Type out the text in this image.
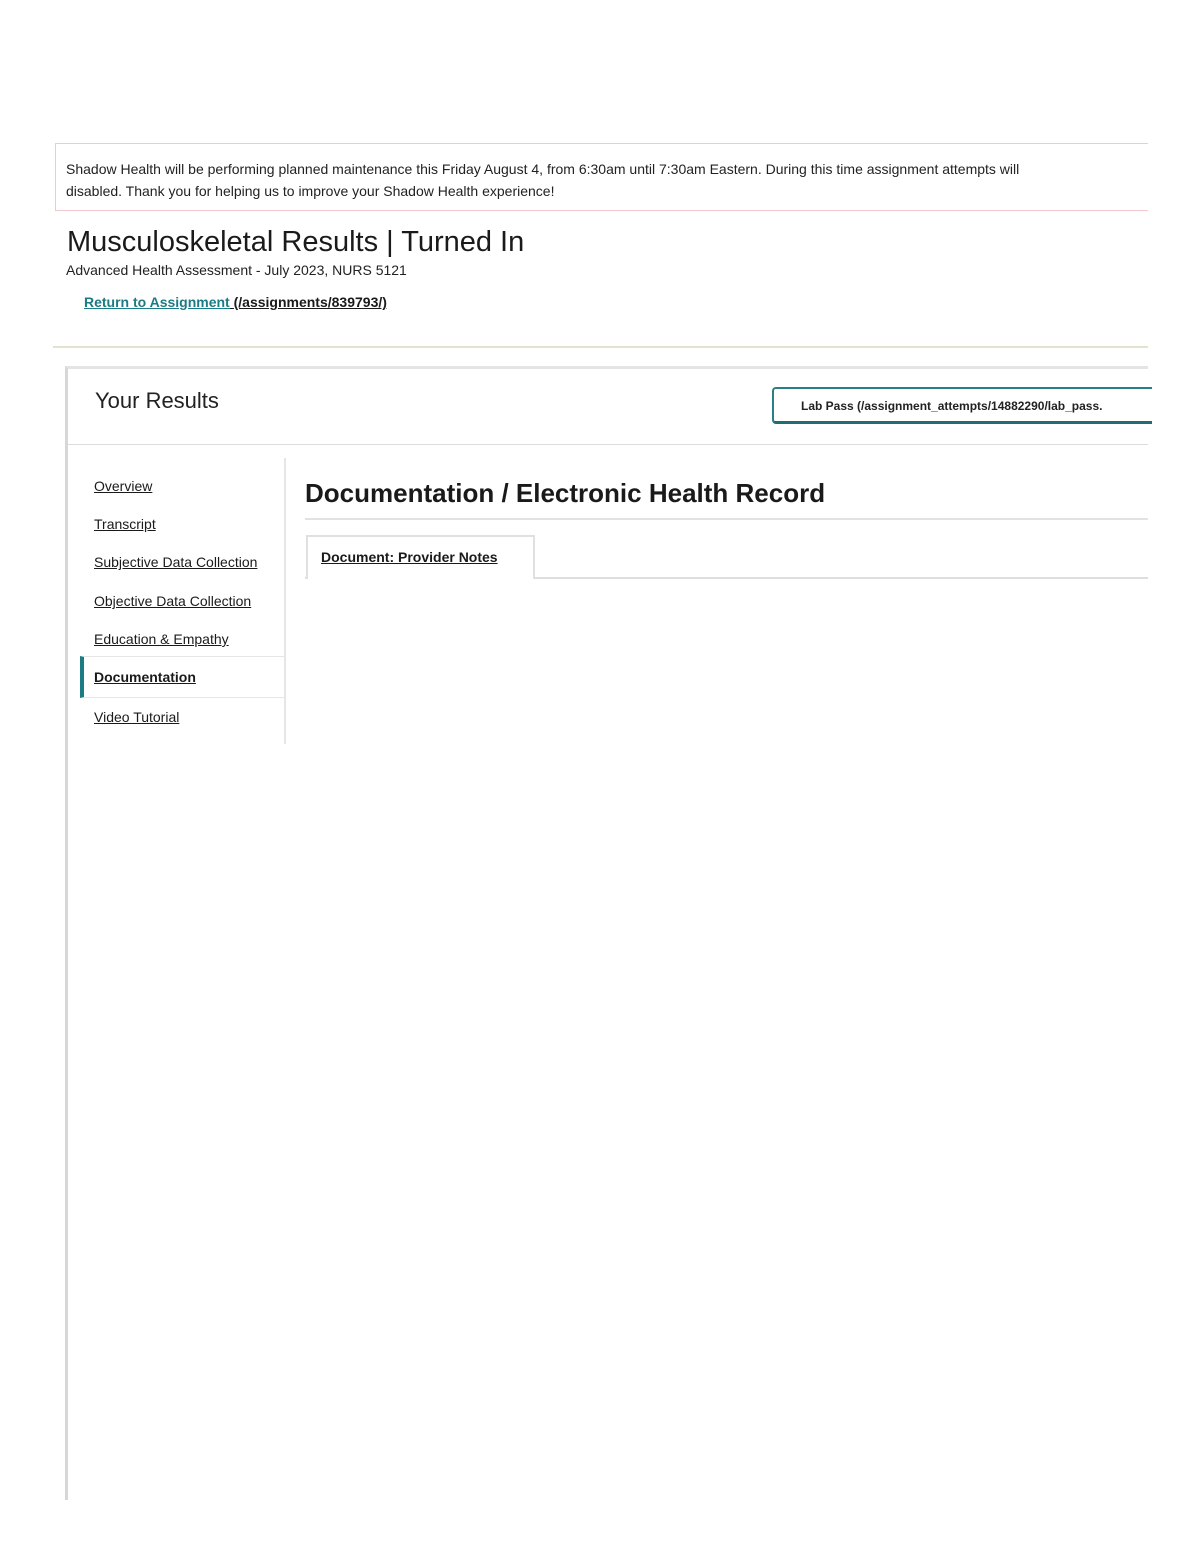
Shadow Health will be performing planned maintenance this Friday August 4, from 6:30am until 7:30am Eastern. During this time assignment attempts will
disabled. Thank you for helping us to improve your Shadow Health experience!
Musculoskeletal Results | Turned In
Advanced Health Assessment - July 2023, NURS 5121
Return to Assignment (/assignments/839793/)
Your Results	Lab Pass (/assignment_attempts/14882290/lab_pass.
Overview
Transcript
Subjective Data Collection
Objective Data Collection
Education & Empathy
Documentation
Video Tutorial
Documentation / Electronic Health Record
Document: Provider Notes
